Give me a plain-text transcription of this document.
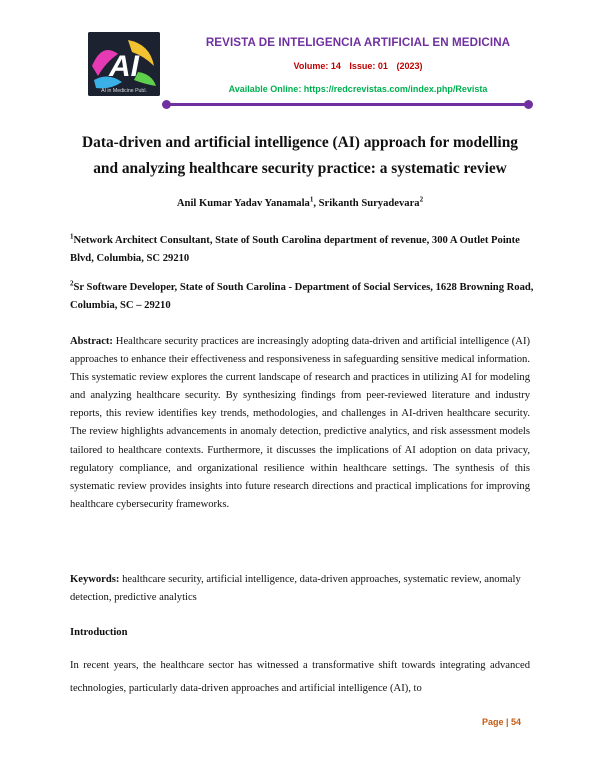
AI
AI in Medicine Publ.
REVISTA DE INTELIGENCIA ARTIFICIAL EN MEDICINA
Volume: 14 Issue: 01 (2023)
Available Online: https://redcrevistas.com/index.php/Revista
Data-driven and artificial intelligence (AI) approach for modelling
and analyzing healthcare security practice: a systematic review
Anil Kumar Yadav Yanamala$^1$, Srikanth Suryadevara$^2$
$^1$Network Architect Consultant, State of South Carolina department of revenue, 300 A Outlet Pointe Blvd, Columbia, SC 29210
$^2$Sr Software Developer, State of South Carolina - Department of Social Services, 1628 Browning Road, Columbia, SC – 29210
Abstract: Healthcare security practices are increasingly adopting data-driven and artificial intelligence (AI) approaches to enhance their effectiveness and responsiveness in safeguarding sensitive medical information. This systematic review explores the current landscape of research and practices in utilizing AI for modeling and analyzing healthcare security. By synthesizing findings from peer-reviewed literature and industry reports, this review identifies key trends, methodologies, and challenges in AI-driven healthcare security. The review highlights advancements in anomaly detection, predictive analytics, and risk assessment models tailored to healthcare contexts. Furthermore, it discusses the implications of AI adoption on data privacy, regulatory compliance, and organizational resilience within healthcare settings. The synthesis of this systematic review provides insights into future research directions and practical implications for improving healthcare cybersecurity frameworks.
Keywords: healthcare security, artificial intelligence, data-driven approaches, systematic review, anomaly detection, predictive analytics
Introduction
In recent years, the healthcare sector has witnessed a transformative shift towards integrating advanced technologies, particularly data-driven approaches and artificial intelligence (AI), to
Page | 54
